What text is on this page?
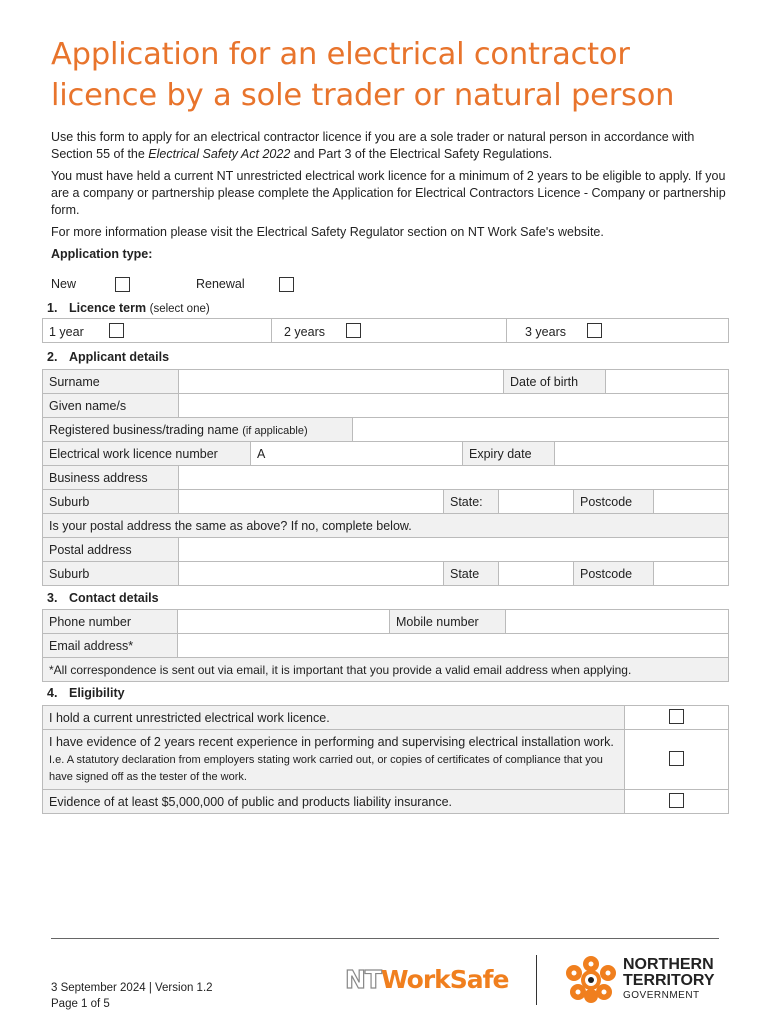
Application for an electrical contractor licence by a sole trader or natural person

Use this form to apply for an electrical contractor licence if you are a sole trader or natural person in accordance with Section 55 of the Electrical Safety Act 2022 and Part 3 of the Electrical Safety Regulations.

You must have held a current NT unrestricted electrical work licence for a minimum of 2 years to be eligible to apply. If you are a company or partnership please complete the Application for Electrical Contractors Licence - Company or partnership form.

For more information please visit the Electrical Safety Regulator section on NT Work Safe's website.

Application type:
New	Renewal
1. Licence term (select one)
1 year	2 years	3 years
2. Applicant details
Surname		Date of birth	
Given name/s			
Registered business/trading name (if applicable)	
Electrical work licence number	A	Expiry date	
Business address					
Suburb		State:		Postcode	
Is your postal address the same as above? If no, complete below.					
Postal address					
Suburb		State		Postcode	
3. Contact details
Phone number		Mobile number	
Email address*			
*All correspondence is sent out via email, it is important that you provide a valid email address when applying.			
4. Eligibility
I hold a current unrestricted electrical work licence.	
I have evidence of 2 years recent experience in performing and supervising electrical installation work. I.e. A statutory declaration from employers stating work carried out, or copies of certificates of compliance that you have signed off as the tester of the work.	
Evidence of at least $5,000,000 of public and products liability insurance.	
3 September 2024 | Version 1.2
Page 1 of 5
NTWorkSafe
NORTHERN
TERRITORY
GOVERNMENT
